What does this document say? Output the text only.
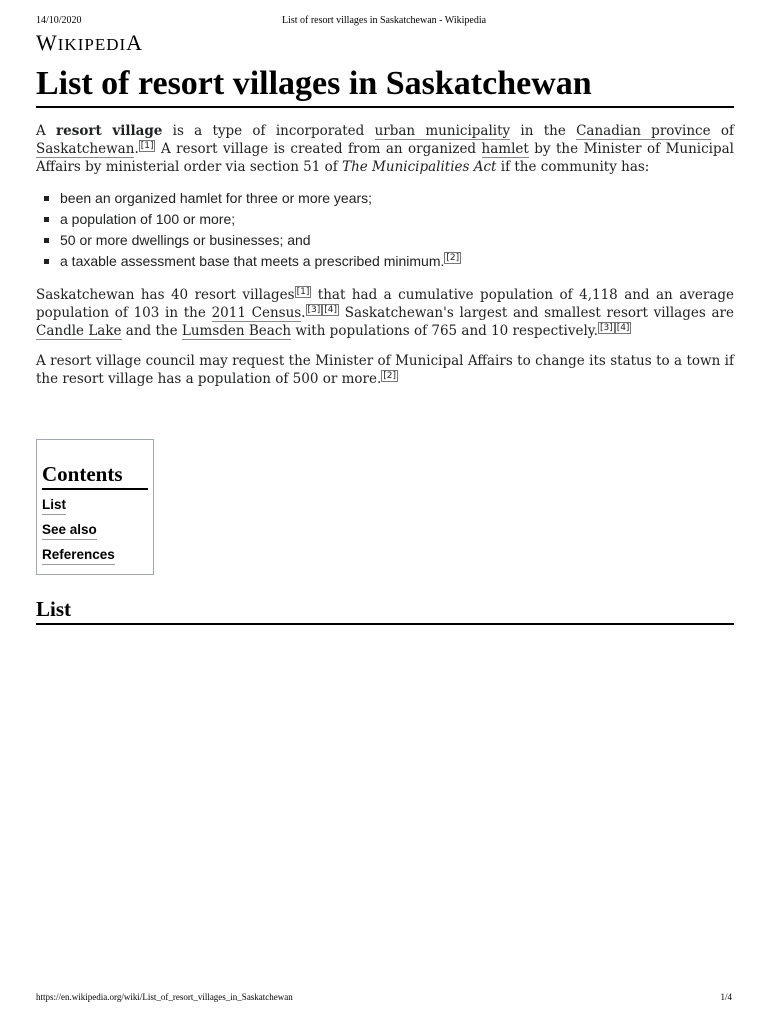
14/10/2020	List of resort villages in Saskatchewan - Wikipedia
WIKIPEDIA
List of resort villages in Saskatchewan

A resort village is a type of incorporated urban municipality in the Canadian province of Saskatchewan. [1] A resort village is created from an organized hamlet by the Minister of Municipal Affairs by ministerial order via section 51 of The Municipalities Act if the community has:

been an organized hamlet for three or more years;
a population of 100 or more;
50 or more dwellings or businesses; and
a taxable assessment base that meets a prescribed minimum. [2]

Saskatchewan has 40 resort villages [1] that had a cumulative population of 4,118 and an average population of 103 in the 2011 Census. [3] [4] Saskatchewan's largest and smallest resort villages are Candle Lake and the Lumsden Beach with populations of 765 and 10 respectively. [3] [4]

A resort village council may request the Minister of Municipal Affairs to change its status to a town if the resort village has a population of 500 or more. [2]

Contents
List
See also
References
List
https://en.wikipedia.org/wiki/List_of_resort_villages_in_Saskatchewan	1/4
